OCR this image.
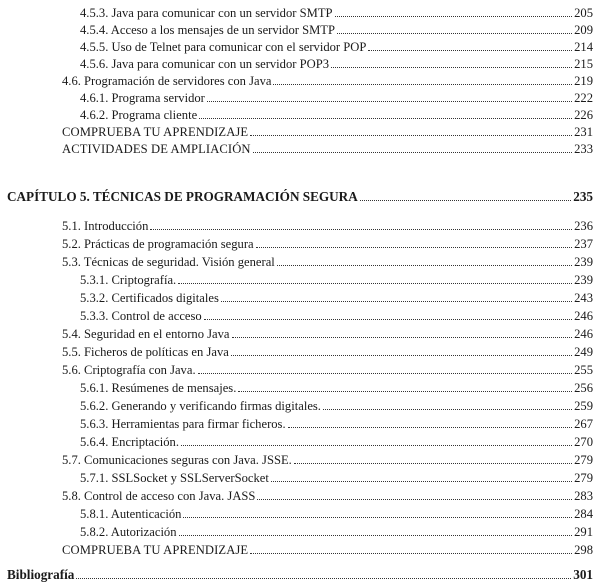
4.5.3. Java para comunicar con un servidor SMTP	205
4.5.4. Acceso a los mensajes de un servidor SMTP	209
4.5.5. Uso de Telnet para comunicar con el servidor POP	214
4.5.6. Java para comunicar con un servidor POP3	215
4.6. Programación de servidores con Java	219
4.6.1. Programa servidor	222
4.6.2. Programa cliente	226
COMPRUEBA TU APRENDIZAJE	231
ACTIVIDADES DE AMPLIACIÓN	233
CAPÍTULO 5. TÉCNICAS DE PROGRAMACIÓN SEGURA	235
5.1. Introducción	236
5.2. Prácticas de programación segura	237
5.3. Técnicas de seguridad. Visión general	239
5.3.1. Criptografía.	239
5.3.2. Certificados digitales	243
5.3.3. Control de acceso	246
5.4. Seguridad en el entorno Java	246
5.5. Ficheros de políticas en Java	249
5.6. Criptografía con Java.	255
5.6.1. Resúmenes de mensajes.	256
5.6.2. Generando y verificando firmas digitales.	259
5.6.3. Herramientas para firmar ficheros.	267
5.6.4. Encriptación.	270
5.7. Comunicaciones seguras con Java. JSSE.	279
5.7.1. SSLSocket y SSLServerSocket	279
5.8. Control de acceso con Java. JASS	283
5.8.1. Autenticación	284
5.8.2. Autorización	291
COMPRUEBA TU APRENDIZAJE	298
Bibliografía	301
